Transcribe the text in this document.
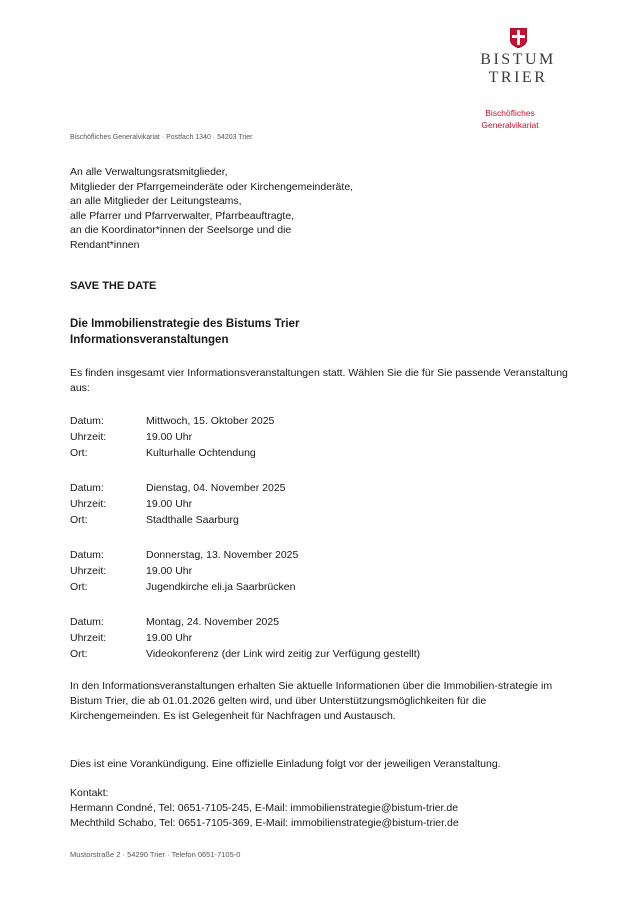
BISTUM
TRIER
Bischöfliches
Generalvikariat
Bischöfliches Generalvikariat · Postfach 1340 · 54203 Trier
An alle Verwaltungsratsmitglieder,
Mitglieder der Pfarrgemeinderäte oder Kirchengemeinderäte,
an alle Mitglieder der Leitungsteams,
alle Pfarrer und Pfarrverwalter, Pfarrbeauftragte,
an die Koordinator*innen der Seelsorge und die
Rendant*innen
SAVE THE DATE
Die Immobilienstrategie des Bistums Trier
Informationsveranstaltungen
Es finden insgesamt vier Informationsveranstaltungen statt. Wählen Sie die für Sie passende Veranstaltung aus:
Datum:	Mittwoch, 15. Oktober 2025
Uhrzeit:	19.00 Uhr
Ort:	Kulturhalle Ochtendung
Datum:	Dienstag, 04. November 2025
Uhrzeit:	19.00 Uhr
Ort:	Stadthalle Saarburg
Datum:	Donnerstag, 13. November 2025
Uhrzeit:	19.00 Uhr
Ort:	Jugendkirche eli.ja Saarbrücken
Datum:	Montag, 24. November 2025
Uhrzeit:	19.00 Uhr
Ort:	Videokonferenz (der Link wird zeitig zur Verfügung gestellt)
In den Informationsveranstaltungen erhalten Sie aktuelle Informationen über die Immobilien-strategie im Bistum Trier, die ab 01.01.2026 gelten wird, und über Unterstützungsmöglichkeiten für die Kirchengemeinden. Es ist Gelegenheit für Nachfragen und Austausch.
Dies ist eine Vorankündigung. Eine offizielle Einladung folgt vor der jeweiligen Veranstaltung.
Kontakt:
Hermann Condné, Tel: 0651-7105-245, E-Mail: immobilienstrategie@bistum-trier.de
Mechthild Schabo, Tel: 0651-7105-369, E-Mail: immobilienstrategie@bistum-trier.de
Mustorstraße 2 · 54290 Trier · Telefon 0651-7105-0
